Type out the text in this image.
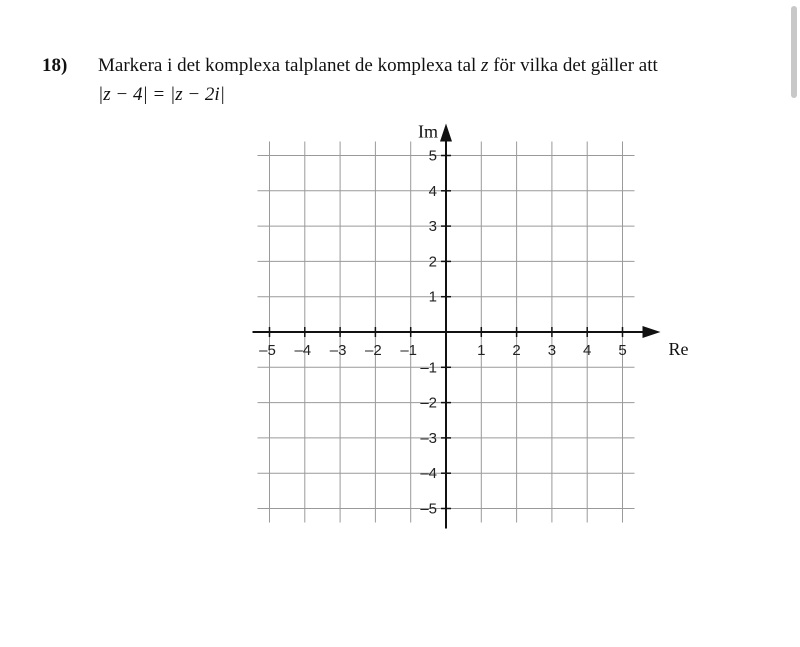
18) Markera i det komplexa talplanet de komplexa tal z för vilka det gäller att
|z − 4| = |z − 2i|
–5 –4 –3 –2 –1	1 2 3 4 5
5
4
3
2
1
–1
–2
–3
–4
–5
Re
Im
